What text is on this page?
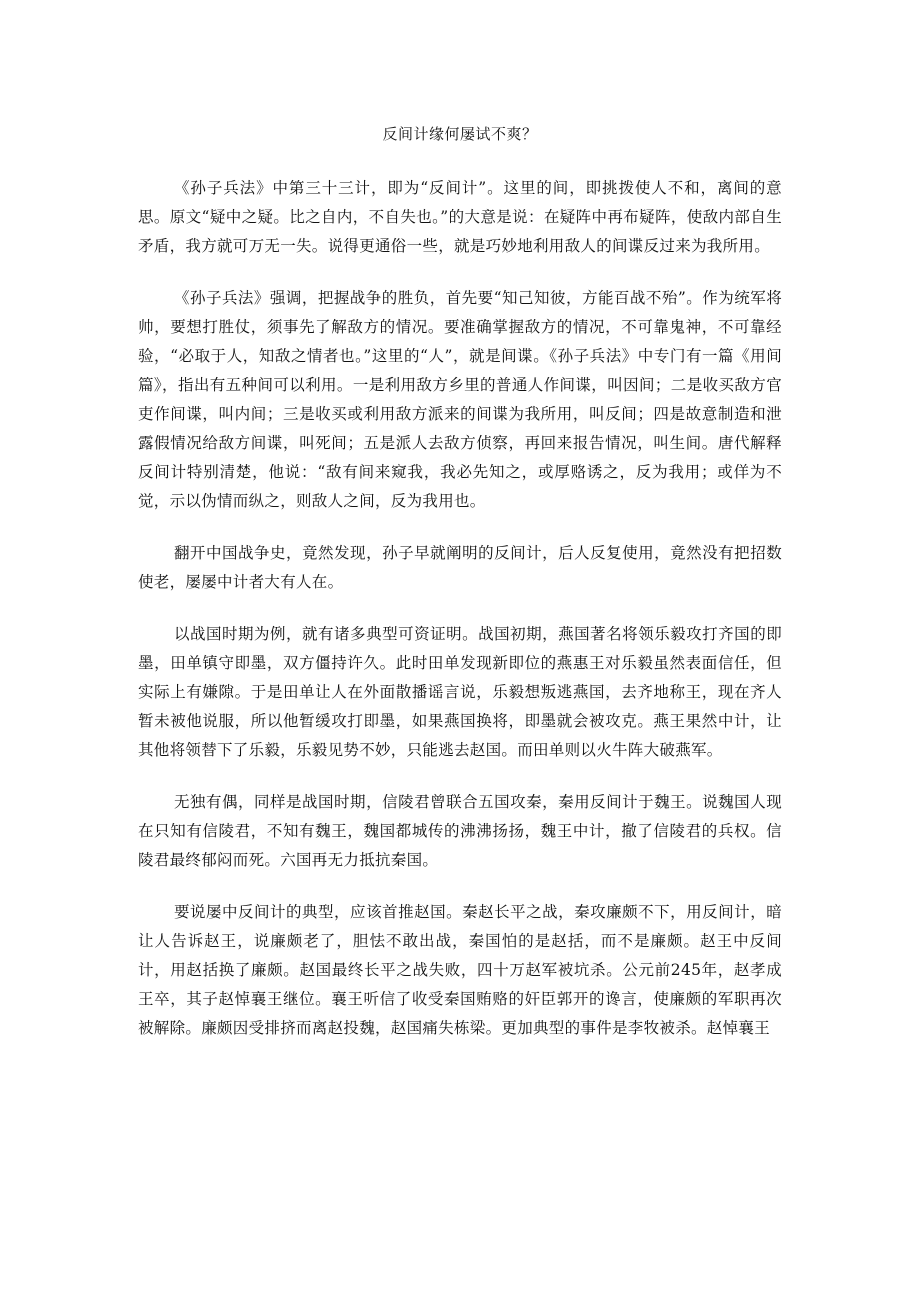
反间计缘何屡试不爽？

《孙子兵法》中第三十三计，即为“反间计”。这里的间，即挑拨使人不和，离间的意思。原文“疑中之疑。比之自内，不自失也。”的大意是说：在疑阵中再布疑阵，使敌内部自生矛盾，我方就可万无一失。说得更通俗一些，就是巧妙地利用敌人的间谍反过来为我所用。

《孙子兵法》强调，把握战争的胜负，首先要“知己知彼，方能百战不殆”。作为统军将帅，要想打胜仗，须事先了解敌方的情况。要准确掌握敌方的情况，不可靠鬼神，不可靠经验，“必取于人，知敌之情者也。”这里的“人”，就是间谍。《孙子兵法》中专门有一篇《用间篇》，指出有五种间可以利用。一是利用敌方乡里的普通人作间谍，叫因间；二是收买敌方官吏作间谍，叫内间；三是收买或利用敌方派来的间谍为我所用，叫反间；四是故意制造和泄露假情况给敌方间谍，叫死间；五是派人去敌方侦察，再回来报告情况，叫生间。唐代解释反间计特别清楚，他说：“敌有间来窥我，我必先知之，或厚赂诱之，反为我用；或佯为不觉，示以伪情而纵之，则敌人之间，反为我用也。

翻开中国战争史，竟然发现，孙子早就阐明的反间计，后人反复使用，竟然没有把招数使老，屡屡中计者大有人在。

以战国时期为例，就有诸多典型可资证明。战国初期，燕国著名将领乐毅攻打齐国的即墨，田单镇守即墨，双方僵持许久。此时田单发现新即位的燕惠王对乐毅虽然表面信任，但实际上有嫌隙。于是田单让人在外面散播谣言说，乐毅想叛逃燕国，去齐地称王，现在齐人暂未被他说服，所以他暂缓攻打即墨，如果燕国换将，即墨就会被攻克。燕王果然中计，让其他将领替下了乐毅，乐毅见势不妙，只能逃去赵国。而田单则以火牛阵大破燕军。

无独有偶，同样是战国时期，信陵君曾联合五国攻秦，秦用反间计于魏王。说魏国人现在只知有信陵君，不知有魏王，魏国都城传的沸沸扬扬，魏王中计，撤了信陵君的兵权。信陵君最终郁闷而死。六国再无力抵抗秦国。

要说屡中反间计的典型，应该首推赵国。秦赵长平之战，秦攻廉颇不下，用反间计，暗让人告诉赵王，说廉颇老了，胆怯不敢出战，秦国怕的是赵括，而不是廉颇。赵王中反间计，用赵括换了廉颇。赵国最终长平之战失败，四十万赵军被坑杀。公元前245年，赵孝成王卒，其子赵悼襄王继位。襄王听信了收受秦国贿赂的奸臣郭开的谗言，使廉颇的军职再次被解除。廉颇因受排挤而离赵投魏，赵国痛失栋梁。更加典型的事件是李牧被杀。赵悼襄王
